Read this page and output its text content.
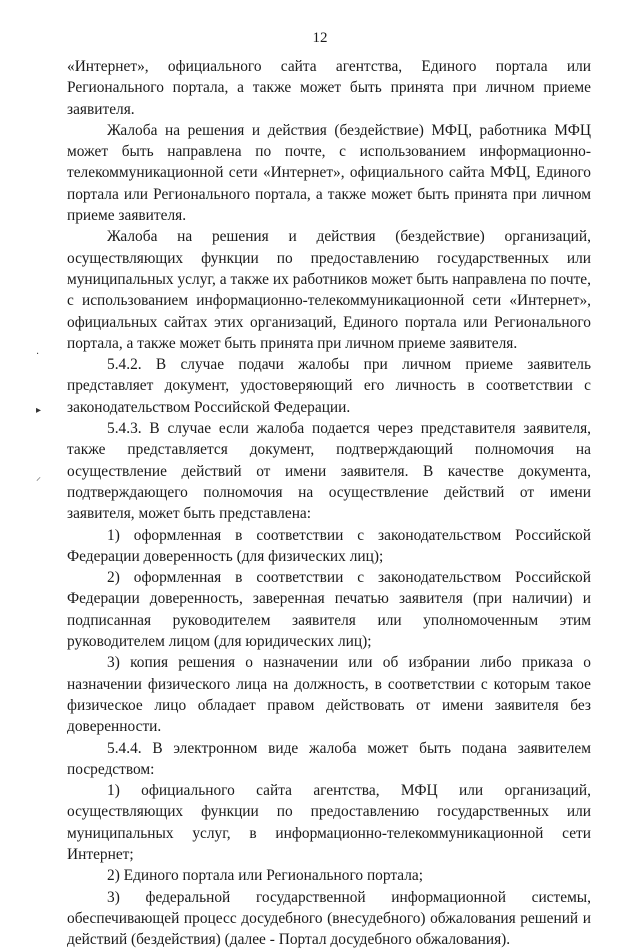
12
·
▸
⸝

«Интернет», официального сайта агентства, Единого портала или Регионального портала, а также может быть принята при личном приеме заявителя.

Жалоба на решения и действия (бездействие) МФЦ, работника МФЦ может быть направлена по почте, с использованием информационно-телекоммуникационной сети «Интернет», официального сайта МФЦ, Единого портала или Регионального портала, а также может быть принята при личном приеме заявителя.

Жалоба на решения и действия (бездействие) организаций, осуществляющих функции по предоставлению государственных или муниципальных услуг, а также их работников может быть направлена по почте, с использованием информационно-телекоммуникационной сети «Интернет», официальных сайтах этих организаций, Единого портала или Регионального портала, а также может быть принята при личном приеме заявителя.

5.4.2. В случае подачи жалобы при личном приеме заявитель представляет документ, удостоверяющий его личность в соответствии с законодательством Российской Федерации.

5.4.3. В случае если жалоба подается через представителя заявителя, также представляется документ, подтверждающий полномочия на осуществление действий от имени заявителя. В качестве документа, подтверждающего полномочия на осуществление действий от имени заявителя, может быть представлена:

1) оформленная в соответствии с законодательством Российской Федерации доверенность (для физических лиц);

2) оформленная в соответствии с законодательством Российской Федерации доверенность, заверенная печатью заявителя (при наличии) и подписанная руководителем заявителя или уполномоченным этим руководителем лицом (для юридических лиц);

3) копия решения о назначении или об избрании либо приказа о назначении физического лица на должность, в соответствии с которым такое физическое лицо обладает правом действовать от имени заявителя без доверенности.

5.4.4. В электронном виде жалоба может быть подана заявителем посредством:

1) официального сайта агентства, МФЦ или организаций, осуществляющих функции по предоставлению государственных или муниципальных услуг, в информационно-телекоммуникационной сети Интернет;

2) Единого портала или Регионального портала;

3) федеральной государственной информационной системы, обеспечивающей процесс досудебного (внесудебного) обжалования решений и действий (бездействия) (далее - Портал досудебного обжалования).
